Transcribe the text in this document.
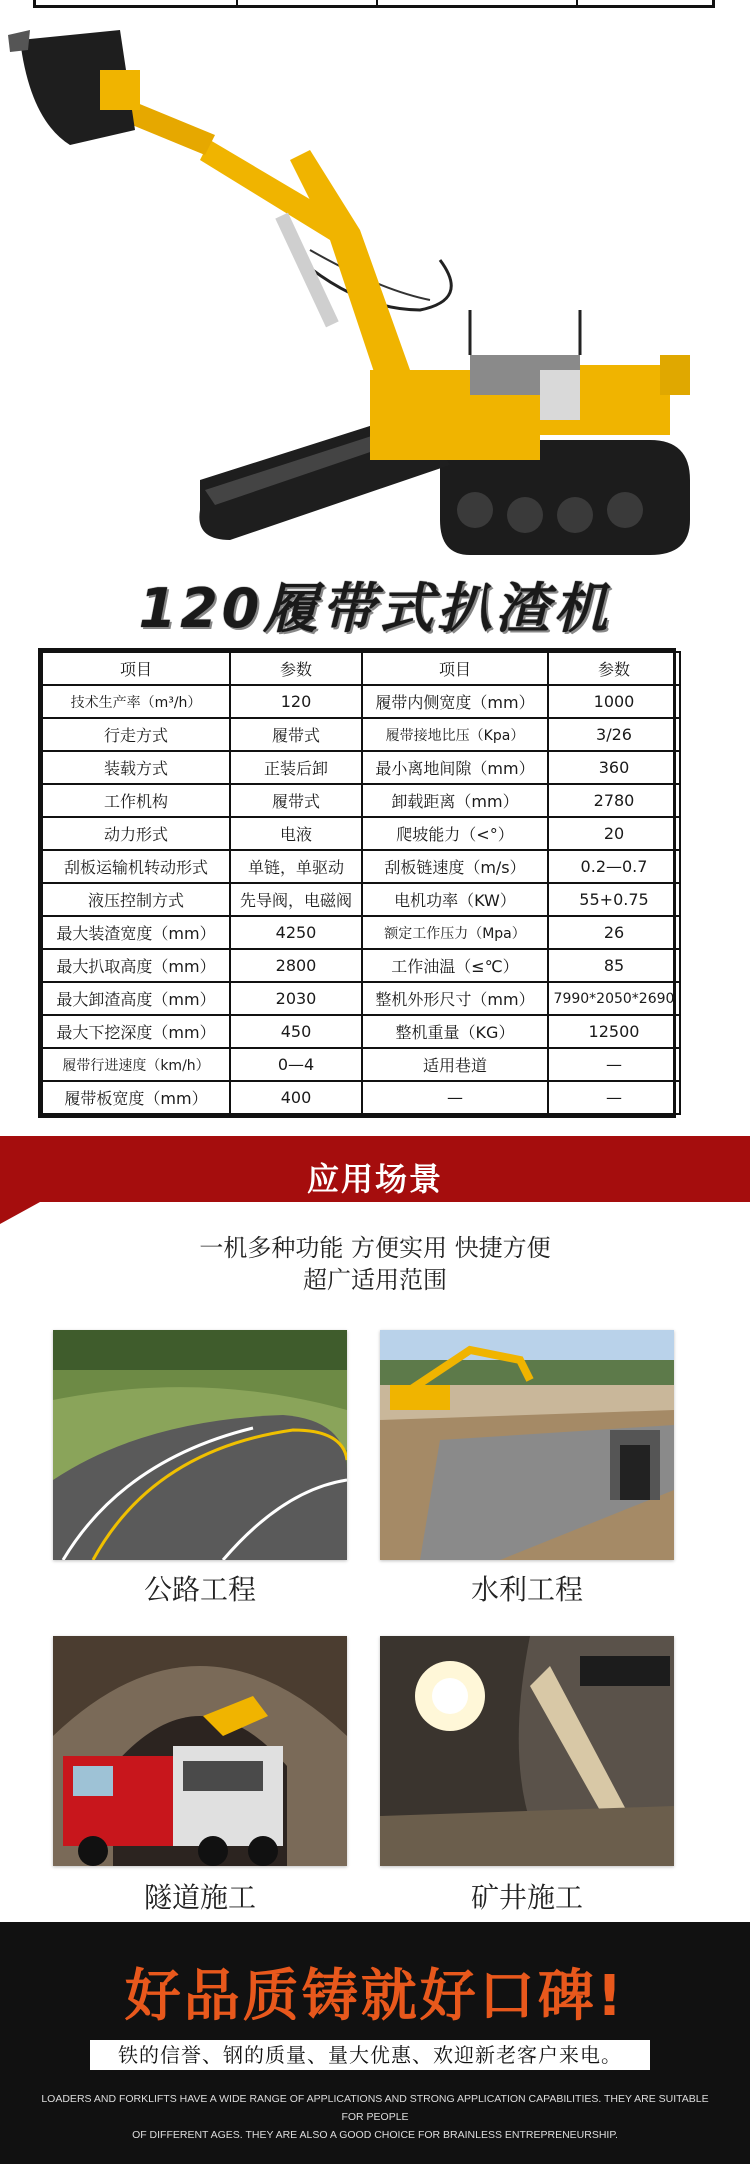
120履带式扒渣机
项目	参数	项目	参数
技术生产率（m³/h）	120	履带内侧宽度（mm）	1000
行走方式	履带式	履带接地比压（Kpa）	3/26
装载方式	正装后卸	最小离地间隙（mm）	360
工作机构	履带式	卸载距离（mm）	2780
动力形式	电液	爬坡能力（<°）	20
刮板运输机转动形式	单链，单驱动	刮板链速度（m/s）	0.2—0.7
液压控制方式	先导阀，电磁阀	电机功率（KW）	55+0.75
最大装渣宽度（mm）	4250	额定工作压力（Mpa）	26
最大扒取高度（mm）	2800	工作油温（≤℃）	85
最大卸渣高度（mm）	2030	整机外形尺寸（mm）	7990*2050*2690
最大下挖深度（mm）	450	整机重量（KG）	12500
履带行进速度（km/h）	0—4	适用巷道	—
履带板宽度（mm）	400	—	—
应用场景
一机多种功能 方便实用 快捷方便
超广适用范围
公路工程	水利工程
隧道施工	矿井施工
好品质铸就好口碑!
铁的信誉、钢的质量、量大优惠、欢迎新老客户来电。
LOADERS AND FORKLIFTS HAVE A WIDE RANGE OF APPLICATIONS AND STRONG APPLICATION CAPABILITIES. THEY ARE SUITABLE FOR PEOPLE
OF DIFFERENT AGES. THEY ARE ALSO A GOOD CHOICE FOR BRAINLESS ENTREPRENEURSHIP.
